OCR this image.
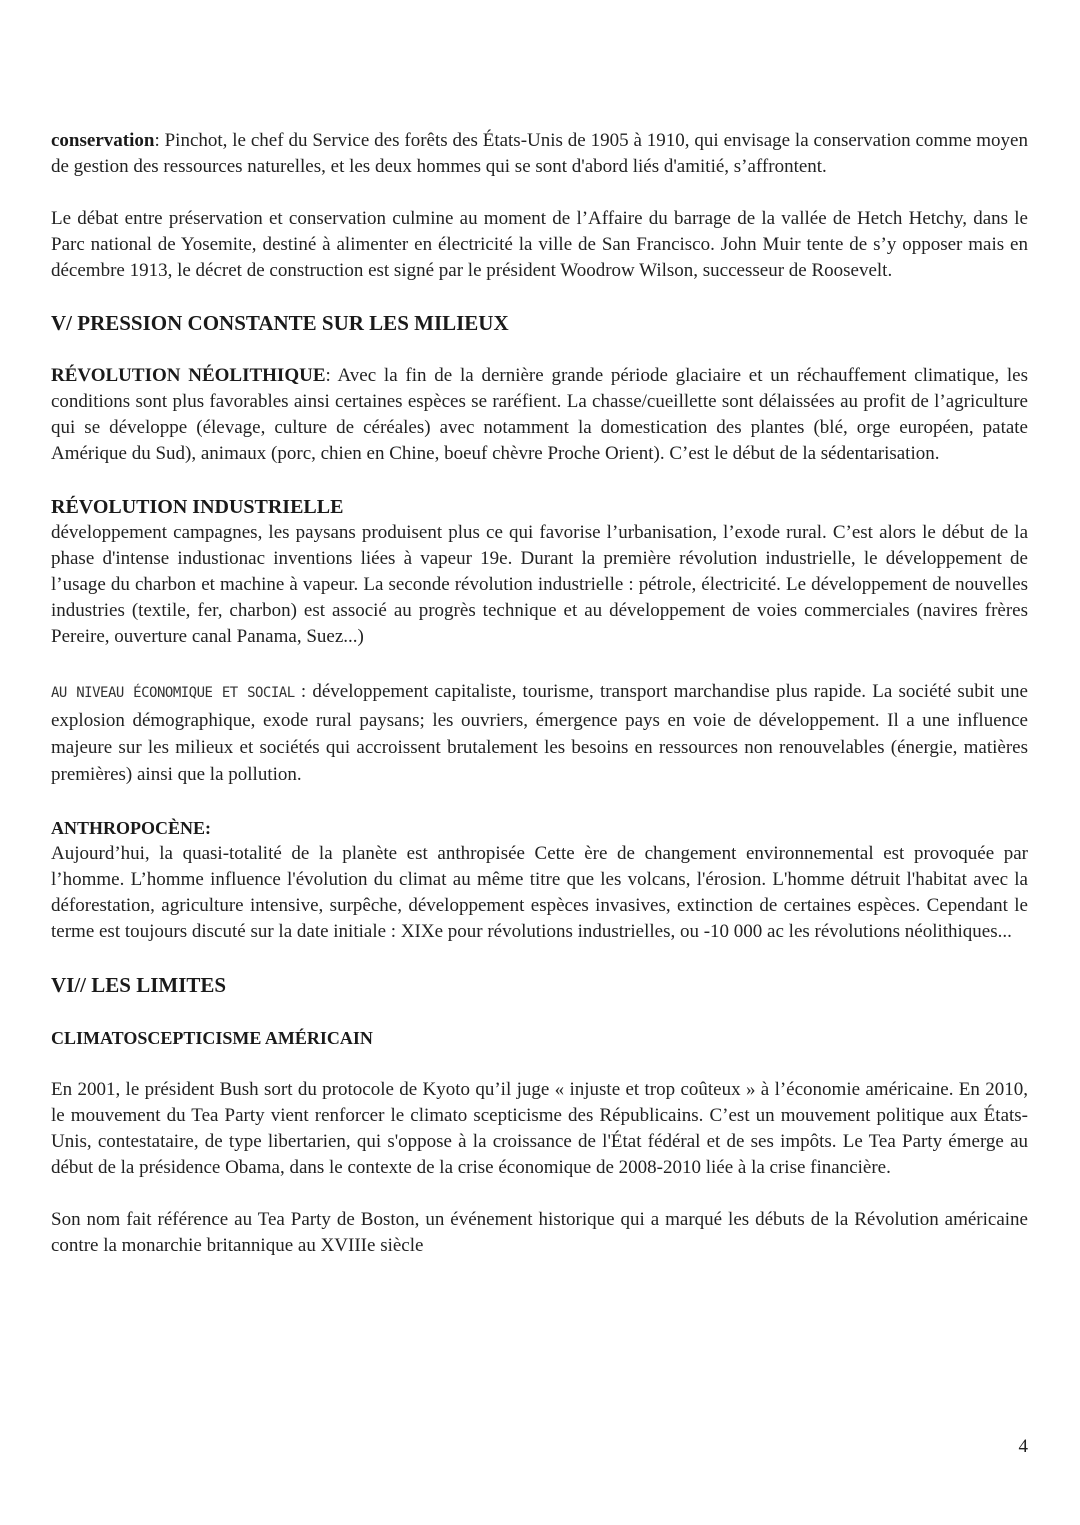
conservation: Pinchot, le chef du Service des forêts des États-Unis de 1905 à 1910, qui envisage la conservation comme moyen de gestion des ressources naturelles, et les deux hommes qui se sont d'abord liés d'amitié, s’affrontent.

Le débat entre préservation et conservation culmine au moment de l’Affaire du barrage de la vallée de Hetch Hetchy, dans le Parc national de Yosemite, destiné à alimenter en électricité la ville de San Francisco. John Muir tente de s’y opposer mais en décembre 1913, le décret de construction est signé par le président Woodrow Wilson, successeur de Roosevelt.

V/ PRESSION CONSTANTE SUR LES MILIEUX

RÉVOLUTION NÉOLITHIQUE: Avec la fin de la dernière grande période glaciaire et un réchauffement climatique, les conditions sont plus favorables ainsi certaines espèces se raréfient. La chasse/cueillette sont délaissées au profit de l’agriculture qui se développe (élevage, culture de céréales) avec notamment la domestication des plantes (blé, orge européen, patate Amérique du Sud), animaux (porc, chien en Chine, boeuf chèvre Proche Orient). C’est le début de la sédentarisation.

RÉVOLUTION INDUSTRIELLE

développement campagnes, les paysans produisent plus ce qui favorise l’urbanisation, l’exode rural. C’est alors le début de la phase d'intense industionac inventions liées à vapeur 19e. Durant la première révolution industrielle, le développement de l’usage du charbon et machine à vapeur. La seconde révolution industrielle : pétrole, électricité. Le développement de nouvelles industries (textile, fer, charbon) est associé au progrès technique et au développement de voies commerciales (navires frères Pereire, ouverture canal Panama, Suez...)

AU NIVEAU ÉCONOMIQUE ET SOCIAL : développement capitaliste, tourisme, transport marchandise plus rapide. La société subit une explosion démographique, exode rural paysans; les ouvriers, émergence pays en voie de développement. Il a une influence majeure sur les milieux et sociétés qui accroissent brutalement les besoins en ressources non renouvelables (énergie, matières premières) ainsi que la pollution.

ANTHROPOCÈNE:

Aujourd’hui, la quasi-totalité de la planète est anthropisée Cette ère de changement environnemental est provoquée par l’homme. L’homme influence l'évolution du climat au même titre que les volcans, l'érosion. L'homme détruit l'habitat avec la déforestation, agriculture intensive, surpêche, développement espèces invasives, extinction de certaines espèces. Cependant le terme est toujours discuté sur la date initiale : XIXe pour révolutions industrielles, ou -10 000 ac les révolutions néolithiques...

VI// LES LIMITES
CLIMATOSCEPTICISME AMÉRICAIN

En 2001, le président Bush sort du protocole de Kyoto qu’il juge « injuste et trop coûteux » à l’économie américaine. En 2010, le mouvement du Tea Party vient renforcer le climato scepticisme des Républicains. C’est un mouvement politique aux États-Unis, contestataire, de type libertarien, qui s'oppose à la croissance de l'État fédéral et de ses impôts. Le Tea Party émerge au début de la présidence Obama, dans le contexte de la crise économique de 2008-2010 liée à la crise financière.

Son nom fait référence au Tea Party de Boston, un événement historique qui a marqué les débuts de la Révolution américaine contre la monarchie britannique au XVIIIe siècle

4
